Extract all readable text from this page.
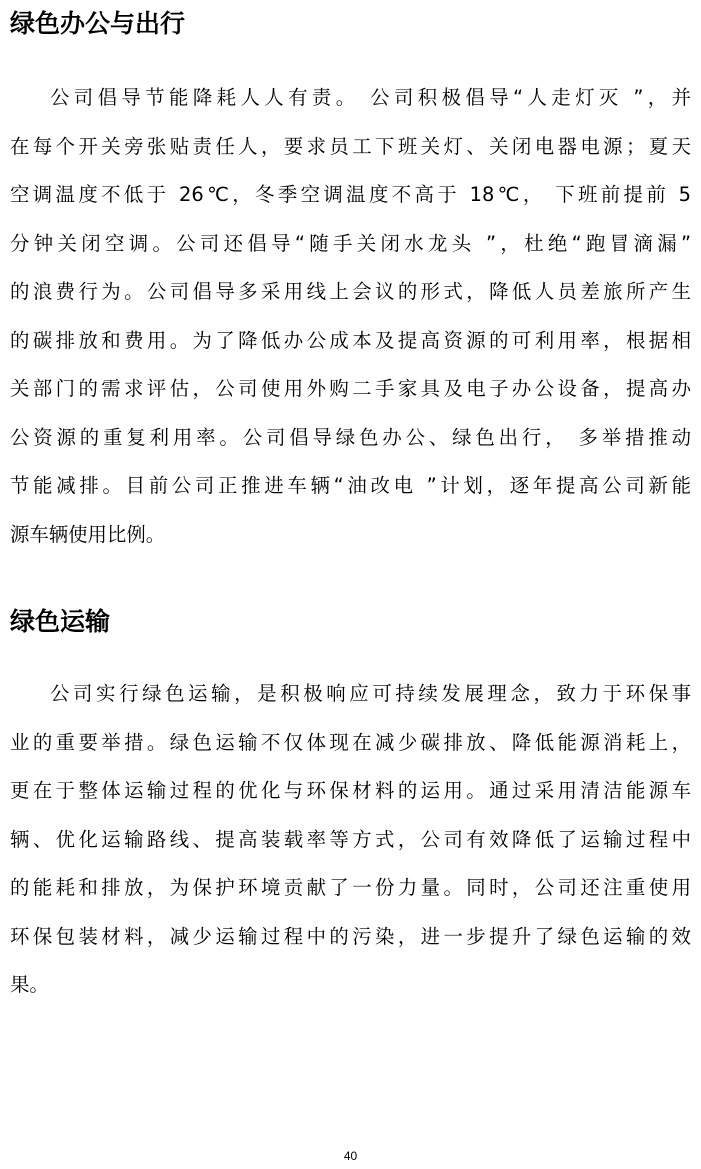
绿色办公与出行
公司倡导节能降耗人人有责。 公司积极倡导“人走灯灭 ”，并
在每个开关旁张贴责任人，要求员工下班关灯、关闭电器电源；夏天
空调温度不低于 26℃，冬季空调温度不高于 18℃， 下班前提前 5
分钟关闭空调。公司还倡导“随手关闭水龙头 ”，杜绝“跑冒滴漏”
的浪费行为。公司倡导多采用线上会议的形式，降低人员差旅所产生
的碳排放和费用。为了降低办公成本及提高资源的可利用率，根据相
关部门的需求评估，公司使用外购二手家具及电子办公设备，提高办
公资源的重复利用率。公司倡导绿色办公、绿色出行， 多举措推动
节能减排。目前公司正推进车辆“油改电 ”计划，逐年提高公司新能
源车辆使用比例。
绿色运输
公司实行绿色运输，是积极响应可持续发展理念，致力于环保事
业的重要举措。绿色运输不仅体现在减少碳排放、降低能源消耗上，
更在于整体运输过程的优化与环保材料的运用。通过采用清洁能源车
辆、优化运输路线、提高装载率等方式，公司有效降低了运输过程中
的能耗和排放，为保护环境贡献了一份力量。同时，公司还注重使用
环保包装材料，减少运输过程中的污染，进一步提升了绿色运输的效
果。
40
